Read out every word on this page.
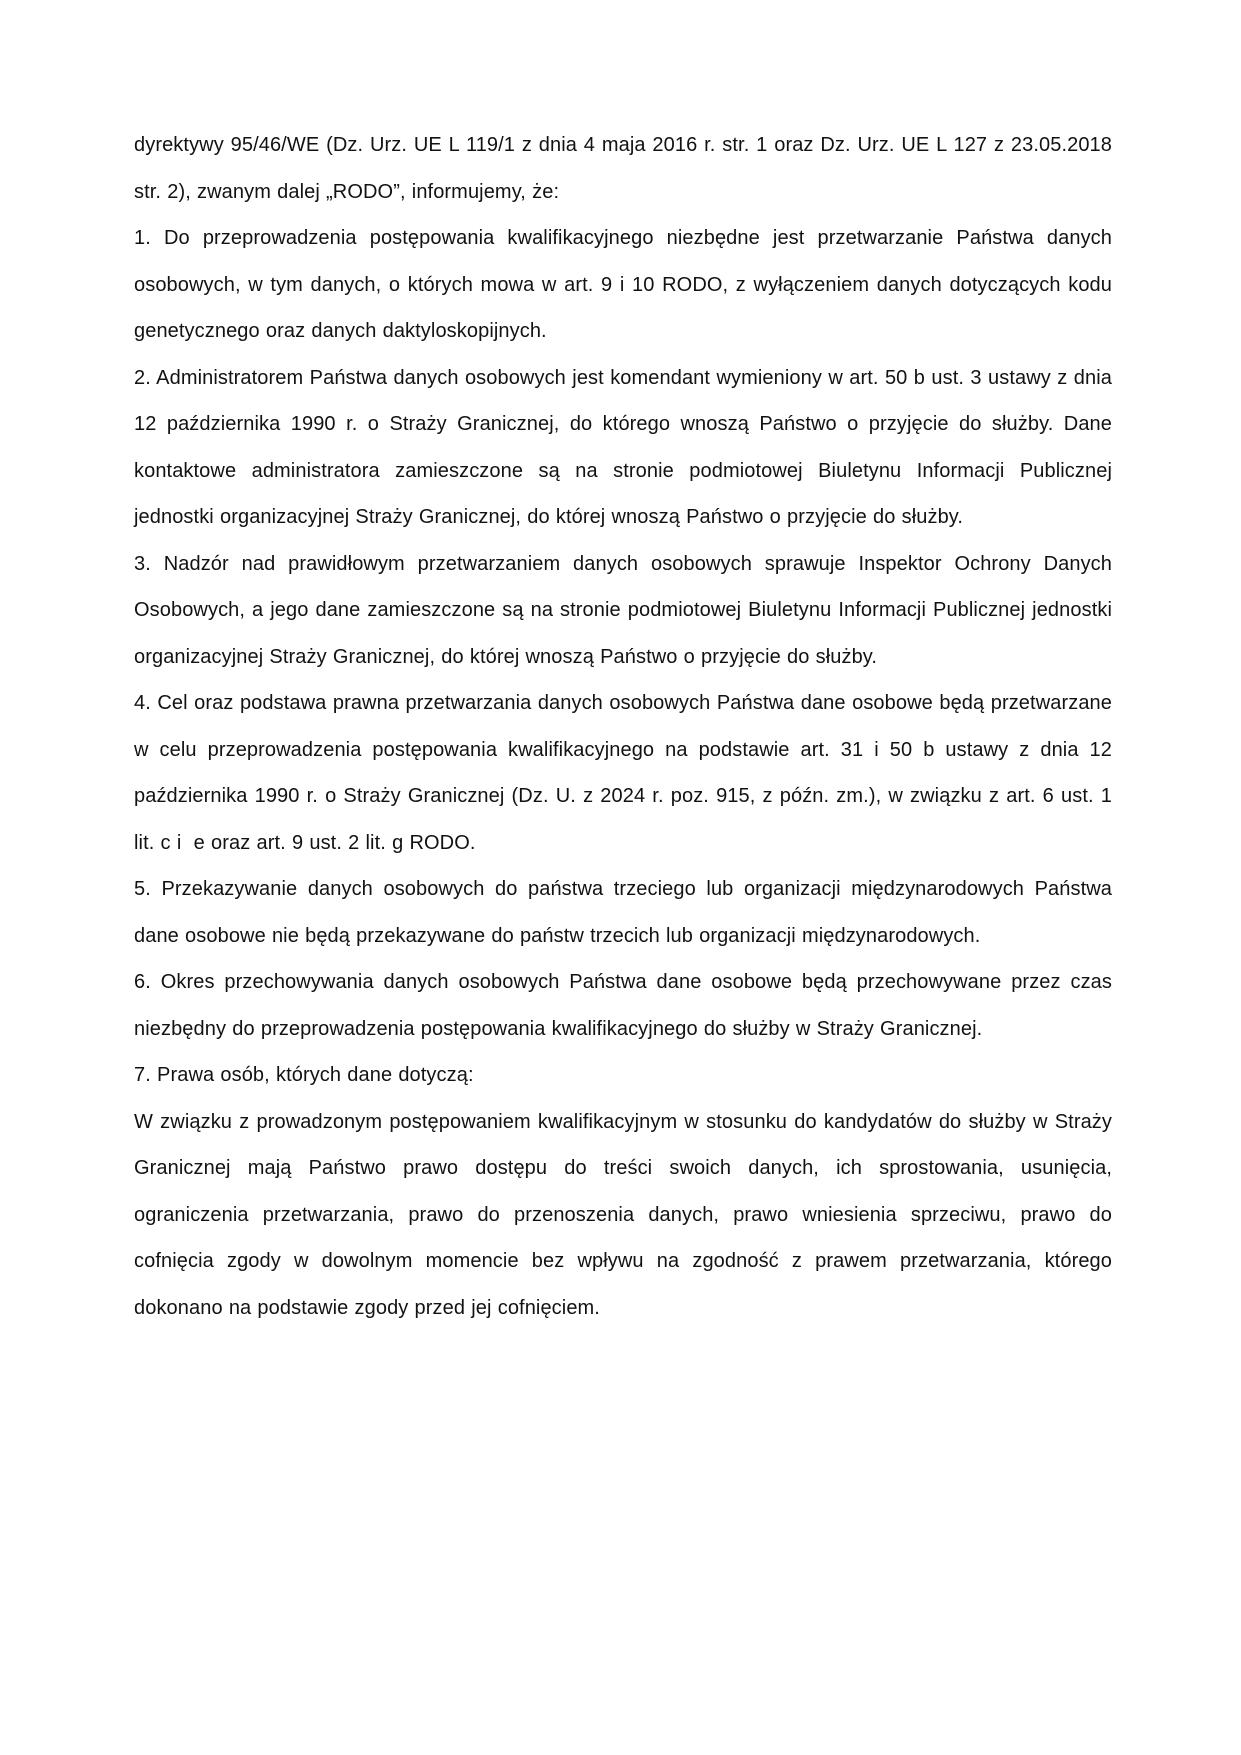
dyrektywy 95/46/WE (Dz. Urz. UE L 119/1 z dnia 4 maja 2016 r. str. 1 oraz Dz. Urz. UE L 127 z 23.05.2018 str. 2), zwanym dalej „RODO”, informujemy, że:

1. Do przeprowadzenia postępowania kwalifikacyjnego niezbędne jest przetwarzanie Państwa danych osobowych, w tym danych, o których mowa w art. 9 i 10 RODO, z wyłączeniem danych dotyczących kodu genetycznego oraz danych daktyloskopijnych.

2. Administratorem Państwa danych osobowych jest komendant wymieniony w art. 50 b ust. 3 ustawy z dnia 12 października 1990 r. o Straży Granicznej, do którego wnoszą Państwo o przyjęcie do służby. Dane kontaktowe administratora zamieszczone są na stronie podmiotowej Biuletynu Informacji Publicznej jednostki organizacyjnej Straży Granicznej, do której wnoszą Państwo o przyjęcie do służby.

3. Nadzór nad prawidłowym przetwarzaniem danych osobowych sprawuje Inspektor Ochrony Danych Osobowych, a jego dane zamieszczone są na stronie podmiotowej Biuletynu Informacji Publicznej jednostki organizacyjnej Straży Granicznej, do której wnoszą Państwo o przyjęcie do służby.

4. Cel oraz podstawa prawna przetwarzania danych osobowych Państwa dane osobowe będą przetwarzane w celu przeprowadzenia postępowania kwalifikacyjnego na podstawie art. 31 i 50 b ustawy z dnia 12 października 1990 r. o Straży Granicznej (Dz. U. z 2024 r. poz. 915, z późn. zm.), w związku z art. 6 ust. 1 lit. c i  e oraz art. 9 ust. 2 lit. g RODO.

5. Przekazywanie danych osobowych do państwa trzeciego lub organizacji międzynarodowych Państwa dane osobowe nie będą przekazywane do państw trzecich lub organizacji międzynarodowych.

6. Okres przechowywania danych osobowych Państwa dane osobowe będą przechowywane przez czas niezbędny do przeprowadzenia postępowania kwalifikacyjnego do służby w Straży Granicznej.

7. Prawa osób, których dane dotyczą:

W związku z prowadzonym postępowaniem kwalifikacyjnym w stosunku do kandydatów do służby w Straży Granicznej mają Państwo prawo dostępu do treści swoich danych, ich sprostowania, usunięcia, ograniczenia przetwarzania, prawo do przenoszenia danych, prawo wniesienia sprzeciwu, prawo do cofnięcia zgody w dowolnym momencie bez wpływu na zgodność z prawem przetwarzania, którego dokonano na podstawie zgody przed jej cofnięciem.
